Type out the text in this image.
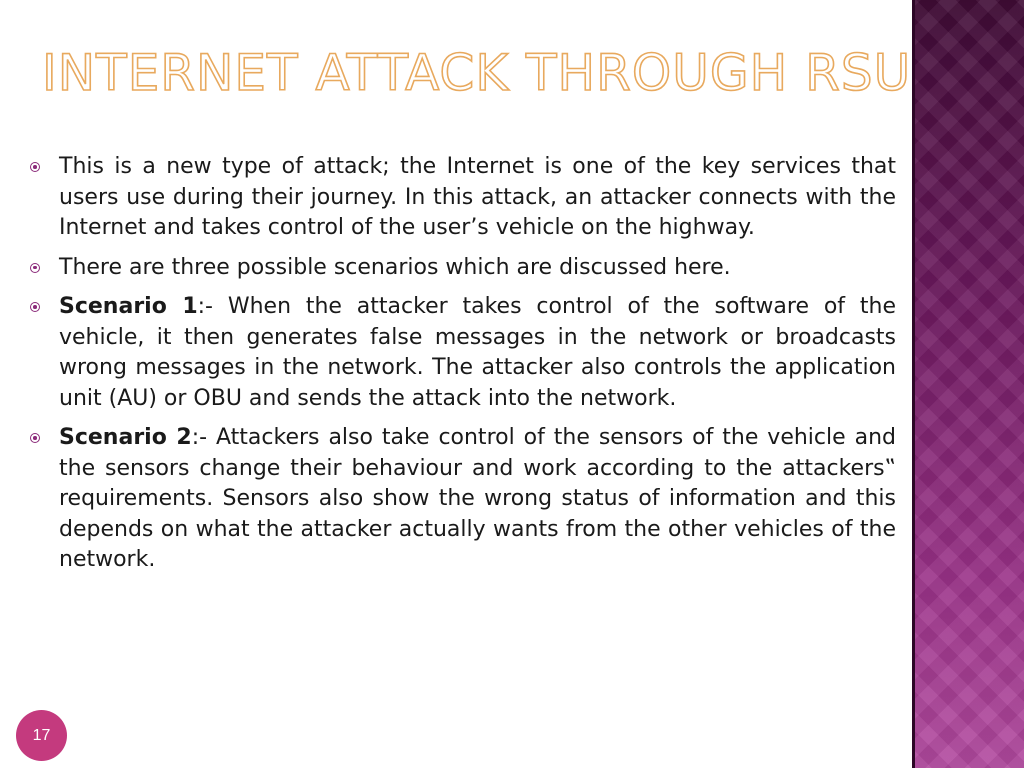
INTERNET ATTACK THROUGH RSU
This is a new type of attack; the Internet is one of the key services that users use during their journey. In this attack, an attacker connects with the Internet and takes control of the user’s vehicle on the highway.
There are three possible scenarios which are discussed here.
Scenario 1:- When the attacker takes control of the software of the vehicle, it then generates false messages in the network or broadcasts wrong messages in the network. The attacker also controls the application unit (AU) or OBU and sends the attack into the network.
Scenario 2:- Attackers also take control of the sensors of the vehicle and the sensors change their behaviour and work according to the attackers‟ requirements. Sensors also show the wrong status of information and this depends on what the attacker actually wants from the other vehicles of the network.
17
